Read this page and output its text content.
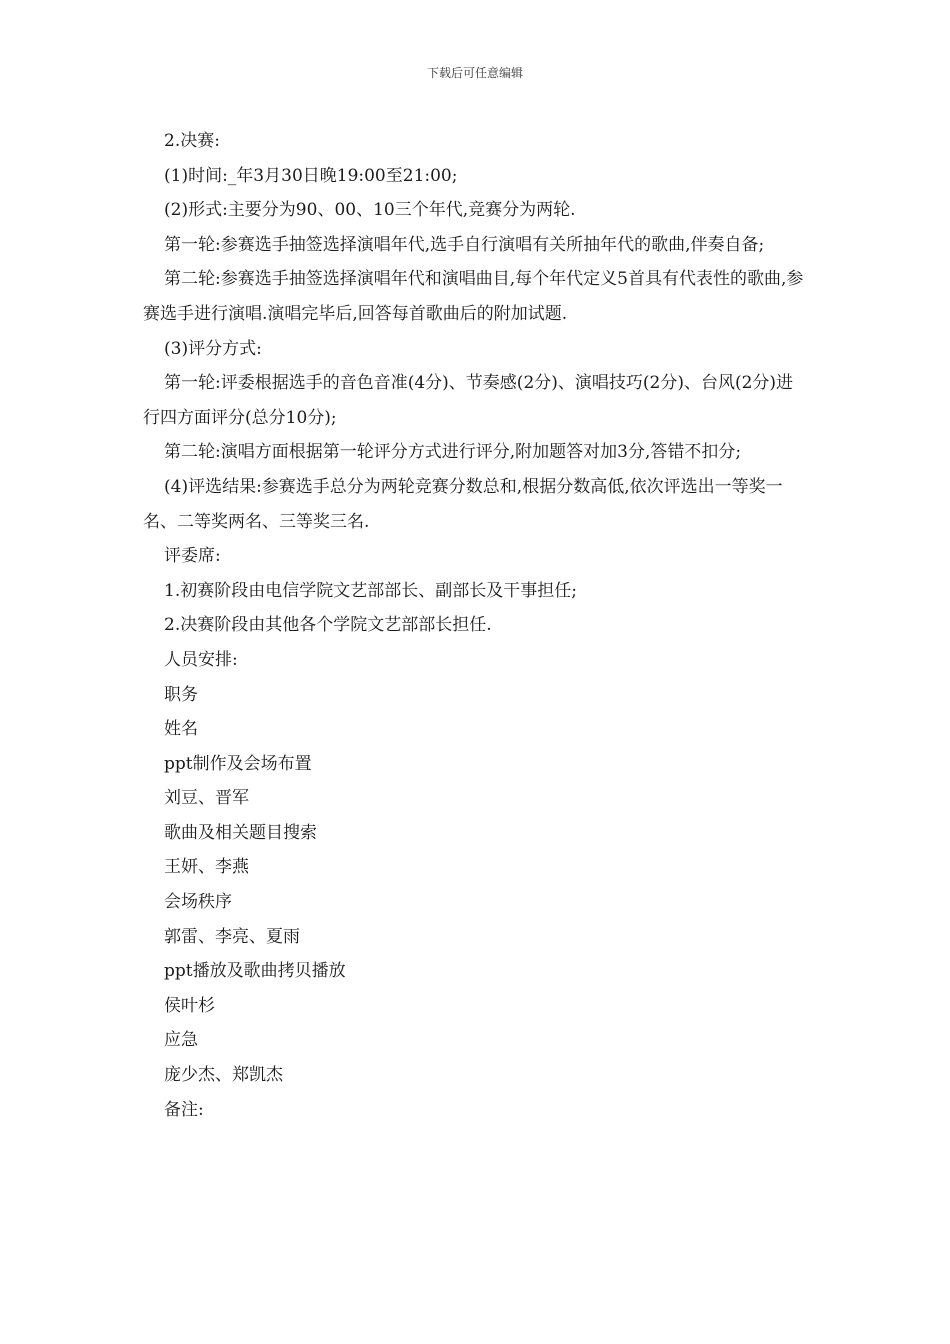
下载后可任意编辑

2.决赛:

(1)时间:_年3月30日晚19:00至21:00;

(2)形式:主要分为90、00、10三个年代,竞赛分为两轮.

第一轮:参赛选手抽签选择演唱年代,选手自行演唱有关所抽年代的歌曲,伴奏自备;

第二轮:参赛选手抽签选择演唱年代和演唱曲目,每个年代定义5首具有代表性的歌曲,参赛选手进行演唱.演唱完毕后,回答每首歌曲后的附加试题.

(3)评分方式:

第一轮:评委根据选手的音色音准(4分)、节奏感(2分)、演唱技巧(2分)、台风(2分)进行四方面评分(总分10分);

第二轮:演唱方面根据第一轮评分方式进行评分,附加题答对加3分,答错不扣分;

(4)评选结果:参赛选手总分为两轮竞赛分数总和,根据分数高低,依次评选出一等奖一名、二等奖两名、三等奖三名.

评委席:

1.初赛阶段由电信学院文艺部部长、副部长及干事担任;

2.决赛阶段由其他各个学院文艺部部长担任.

人员安排:

职务

姓名

ppt制作及会场布置

刘豆、晋军

歌曲及相关题目搜索

王妍、李燕

会场秩序

郭雷、李亮、夏雨

ppt播放及歌曲拷贝播放

侯叶杉

应急

庞少杰、郑凯杰

备注:
